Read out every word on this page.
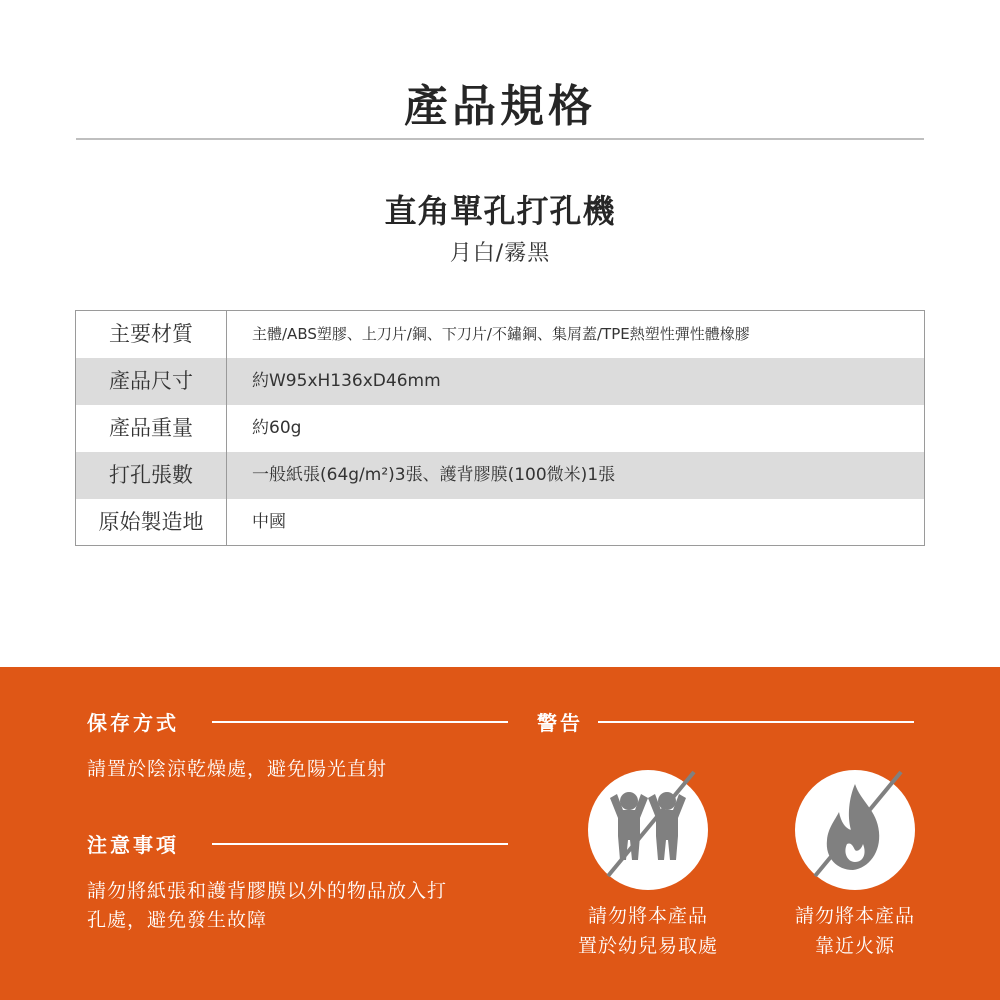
產品規格
直角單孔打孔機
月白/霧黑
主要材質	主體/ABS塑膠、上刀片/鋼、下刀片/不鏽鋼、集屑蓋/TPE熱塑性彈性體橡膠
產品尺寸	約W95xH136xD46mm
產品重量	約60g
打孔張數	一般紙張(64g/m²)3張、護背膠膜(100微米)1張
原始製造地	中國
保存方式
請置於陰涼乾燥處，避免陽光直射
注意事項
請勿將紙張和護背膠膜以外的物品放入打
孔處，避免發生故障
警告
請勿將本產品
置於幼兒易取處
請勿將本產品
靠近火源
